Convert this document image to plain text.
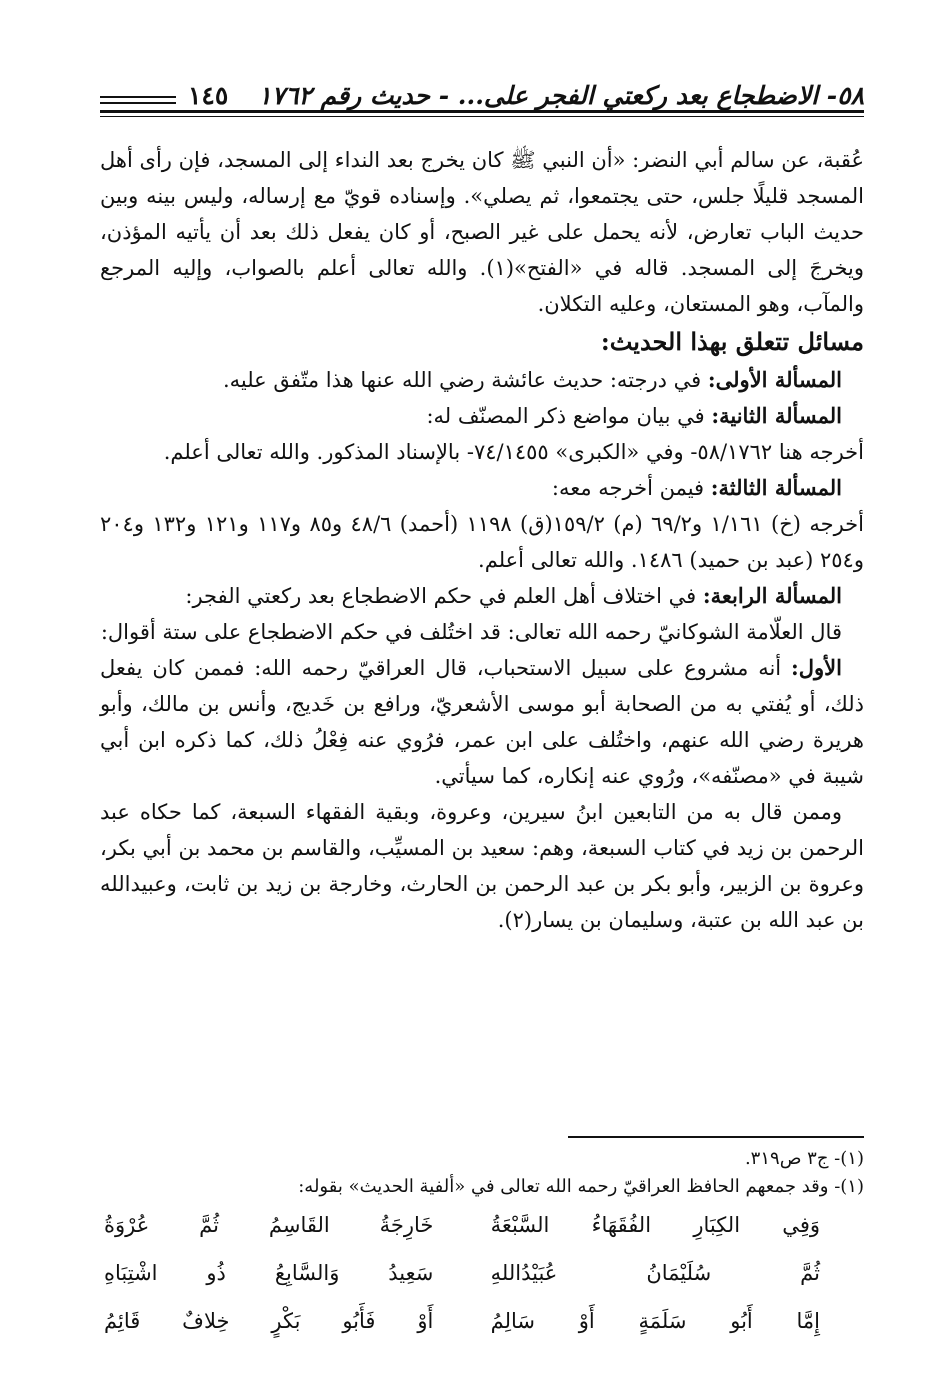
٥٨- الاضطجاع بعد ركعتي الفجر على... - حديث رقم ١٧٦٢
١٤٥

عُقبة، عن سالم أبي النضر: «أن النبي ﷺ كان يخرج بعد النداء إلى المسجد، فإن رأى أهل المسجد قليلًا جلس، حتى يجتمعوا، ثم يصلي». وإسناده قويّ مع إرساله، وليس بينه وبين حديث الباب تعارض، لأنه يحمل على غير الصبح، أو كان يفعل ذلك بعد أن يأتيه المؤذن، ويخرجَ إلى المسجد. قاله في «الفتح»(١). والله تعالى أعلم بالصواب، وإليه المرجع والمآب، وهو المستعان، وعليه التكلان.

مسائل تتعلق بهذا الحديث:

المسألة الأولى: في درجته: حديث عائشة رضي الله عنها هذا متّفق عليه.

المسألة الثانية: في بيان مواضع ذكر المصنّف له:

أخرجه هنا ٥٨/١٧٦٢- وفي «الكبرى» ٧٤/١٤٥٥- بالإسناد المذكور. والله تعالى أعلم.

المسألة الثالثة: فيمن أخرجه معه:

أخرجه (خ) ١/١٦١ و٦٩/٢ (م) ١٥٩/٢(ق) ١١٩٨ (أحمد) ٤٨/٦ و٨٥ و١١٧ و١٢١ و١٣٢ و٢٠٤ و٢٥٤ (عبد بن حميد) ١٤٨٦. والله تعالى أعلم.

المسألة الرابعة: في اختلاف أهل العلم في حكم الاضطجاع بعد ركعتي الفجر:

قال العلّامة الشوكانيّ رحمه الله تعالى: قد اختُلف في حكم الاضطجاع على ستة أقوال:

الأول: أنه مشروع على سبيل الاستحباب، قال العراقيّ رحمه الله: فممن كان يفعل ذلك، أو يُفتي به من الصحابة أبو موسى الأشعريّ، ورافع بن خَديج، وأنس بن مالك، وأبو هريرة رضي الله عنهم، واختُلف على ابن عمر، فرُوي عنه فِعْلُ ذلك، كما ذكره ابن أبي شيبة في «مصنّفه»، ورُوي عنه إنكاره، كما سيأتي.

وممن قال به من التابعين ابنُ سيرين، وعروة، وبقية الفقهاء السبعة، كما حكاه عبد الرحمن بن زيد في كتاب السبعة، وهم: سعيد بن المسيِّب، والقاسم بن محمد بن أبي بكر، وعروة بن الزبير، وأبو بكر بن عبد الرحمن بن الحارث، وخارجة بن زيد بن ثابت، وعبيدالله بن عبد الله بن عتبة، وسليمان بن يسار(٢).

(١)- ج٣ ص٣١٩.

(١)- وقد جمعهم الحافظ العراقيّ رحمه الله تعالى في «ألفية الحديث» بقوله:

وَفِي الكِبَارِ الفُقَهَاءُ السَّبْعَةُ
خَارِجَةُ القَاسِمُ ثُمَّ عُرْوَةُ
ثُمَّ سُلَيْمَانُ عُبَيْدُاللهِ
سَعِيدُ وَالسَّابِعُ ذُو اشْتِبَاهِ
إِمَّا أَبُو سَلَمَةٍ أَوْ سَالِمُ
أَوْ فَأَبُو بَكْرٍ خِلافٌ قَائِمُ
